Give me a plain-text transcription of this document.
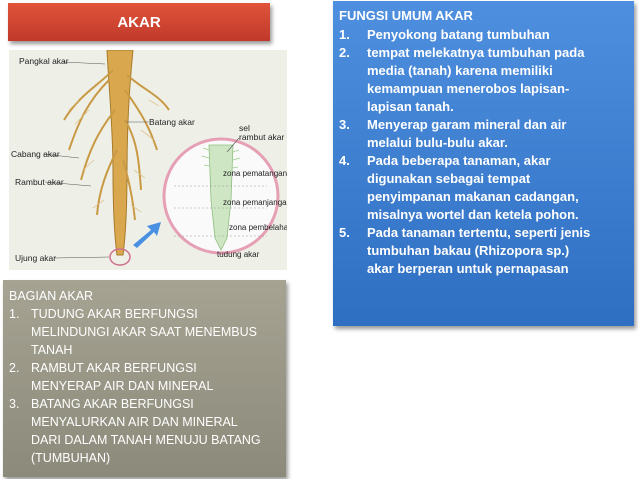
AKAR
Pangkal akar
Batang akar
Cabang akar
Rambut akar
Ujung akar
sel
rambut akar
zona pematangan
zona pemanjangan
zona pembelahan
tudung akar
FUNGSI UMUM AKAR
1. Penyokong batang tumbuhan
2. tempat melekatnya tumbuhan pada
media (tanah) karena memiliki
kemampuan menerobos lapisan-
lapisan tanah.
3. Menyerap garam mineral dan air
melalui bulu-bulu akar.
4. Pada beberapa tanaman, akar
digunakan sebagai tempat
penyimpanan makanan cadangan,
misalnya wortel dan ketela pohon.
5. Pada tanaman tertentu, seperti jenis
tumbuhan bakau (Rhizopora sp.)
akar berperan untuk pernapasan
BAGIAN AKAR
1. TUDUNG AKAR BERFUNGSI
MELINDUNGI AKAR SAAT MENEMBUS
TANAH
2. RAMBUT AKAR BERFUNGSI
MENYERAP AIR DAN MINERAL
3. BATANG AKAR BERFUNGSI
MENYALURKAN AIR DAN MINERAL
DARI DALAM TANAH MENUJU BATANG
(TUMBUHAN)
